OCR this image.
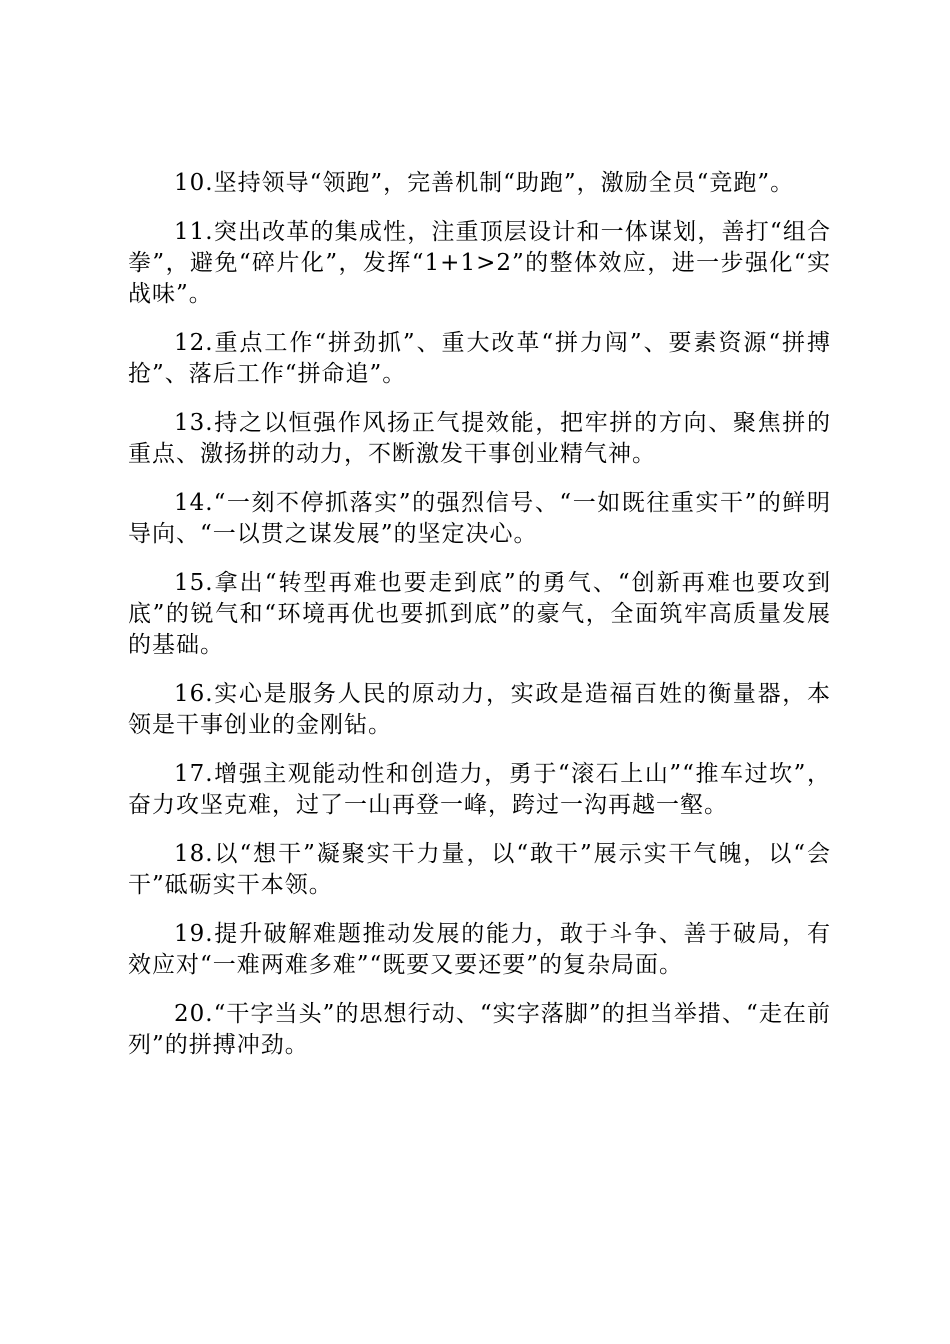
10.坚持领导“领跑”，完善机制“助跑”，激励全员“竞跑”。

11.突出改革的集成性，注重顶层设计和一体谋划，善打“组合拳”，避免“碎片化”，发挥“1+1>2”的整体效应，进一步强化“实战味”。

12.重点工作“拼劲抓”、重大改革“拼力闯”、要素资源“拼搏抢”、落后工作“拼命追”。

13.持之以恒强作风扬正气提效能，把牢拼的方向、聚焦拼的重点、激扬拼的动力，不断激发干事创业精气神。

14.“一刻不停抓落实”的强烈信号、“一如既往重实干”的鲜明导向、“一以贯之谋发展”的坚定决心。

15.拿出“转型再难也要走到底”的勇气、“创新再难也要攻到底”的锐气和“环境再优也要抓到底”的豪气，全面筑牢高质量发展的基础。

16.实心是服务人民的原动力，实政是造福百姓的衡量器，本领是干事创业的金刚钻。

17.增强主观能动性和创造力，勇于“滚石上山”“推车过坎”，奋力攻坚克难，过了一山再登一峰，跨过一沟再越一壑。

18.以“想干”凝聚实干力量，以“敢干”展示实干气魄，以“会干”砥砺实干本领。

19.提升破解难题推动发展的能力，敢于斗争、善于破局，有效应对“一难两难多难”“既要又要还要”的复杂局面。

20.“干字当头”的思想行动、“实字落脚”的担当举措、“走在前列”的拼搏冲劲。
